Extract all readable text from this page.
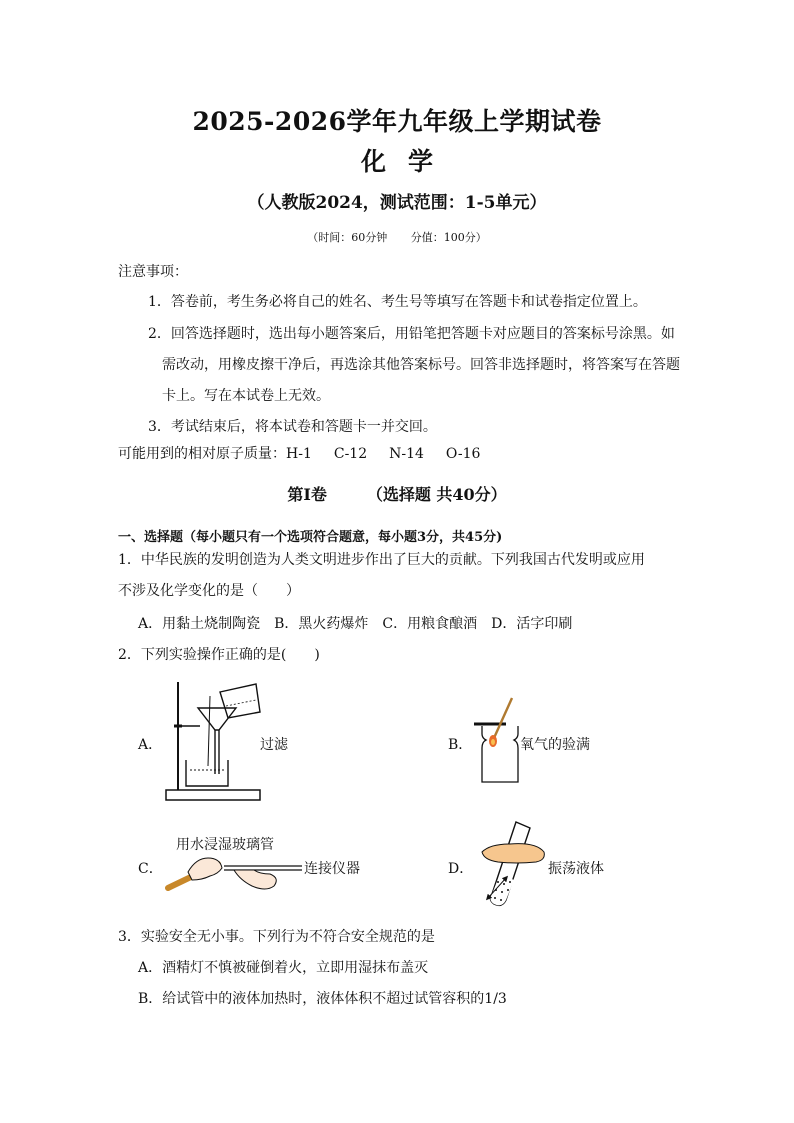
2025-2026学年九年级上学期试卷
化学
（人教版2024，测试范围：1-5单元）
（时间：60分钟 分值：100分）
注意事项：
1．答卷前，考生务必将自己的姓名、考生号等填写在答题卡和试卷指定位置上。
2．回答选择题时，选出每小题答案后，用铅笔把答题卡对应题目的答案标号涂黑。如
需改动，用橡皮擦干净后，再选涂其他答案标号。回答非选择题时，将答案写在答题
卡上。写在本试卷上无效。
3．考试结束后，将本试卷和答题卡一并交回。
可能用到的相对原子质量：H-1 C-12 N-14 O-16
第Ⅰ卷	（选择题 共40分）
一、选择题（每小题只有一个选项符合题意，每小题3分，共45分)
1．中华民族的发明创造为人类文明进步作出了巨大的贡献。下列我国古代发明或应用
不涉及化学变化的是（　　）
A．用黏土烧制陶瓷 B．黑火药爆炸 C．用粮食酿酒 D．活字印刷
2．下列实验操作正确的是(　　)
A．	过滤	B．	氧气的验满
用水浸湿玻璃管
C．	连接仪器	D．	振荡液体
3．实验安全无小事。下列行为不符合安全规范的是
A．酒精灯不慎被碰倒着火，立即用湿抹布盖灭
B．给试管中的液体加热时，液体体积不超过试管容积的1/3
